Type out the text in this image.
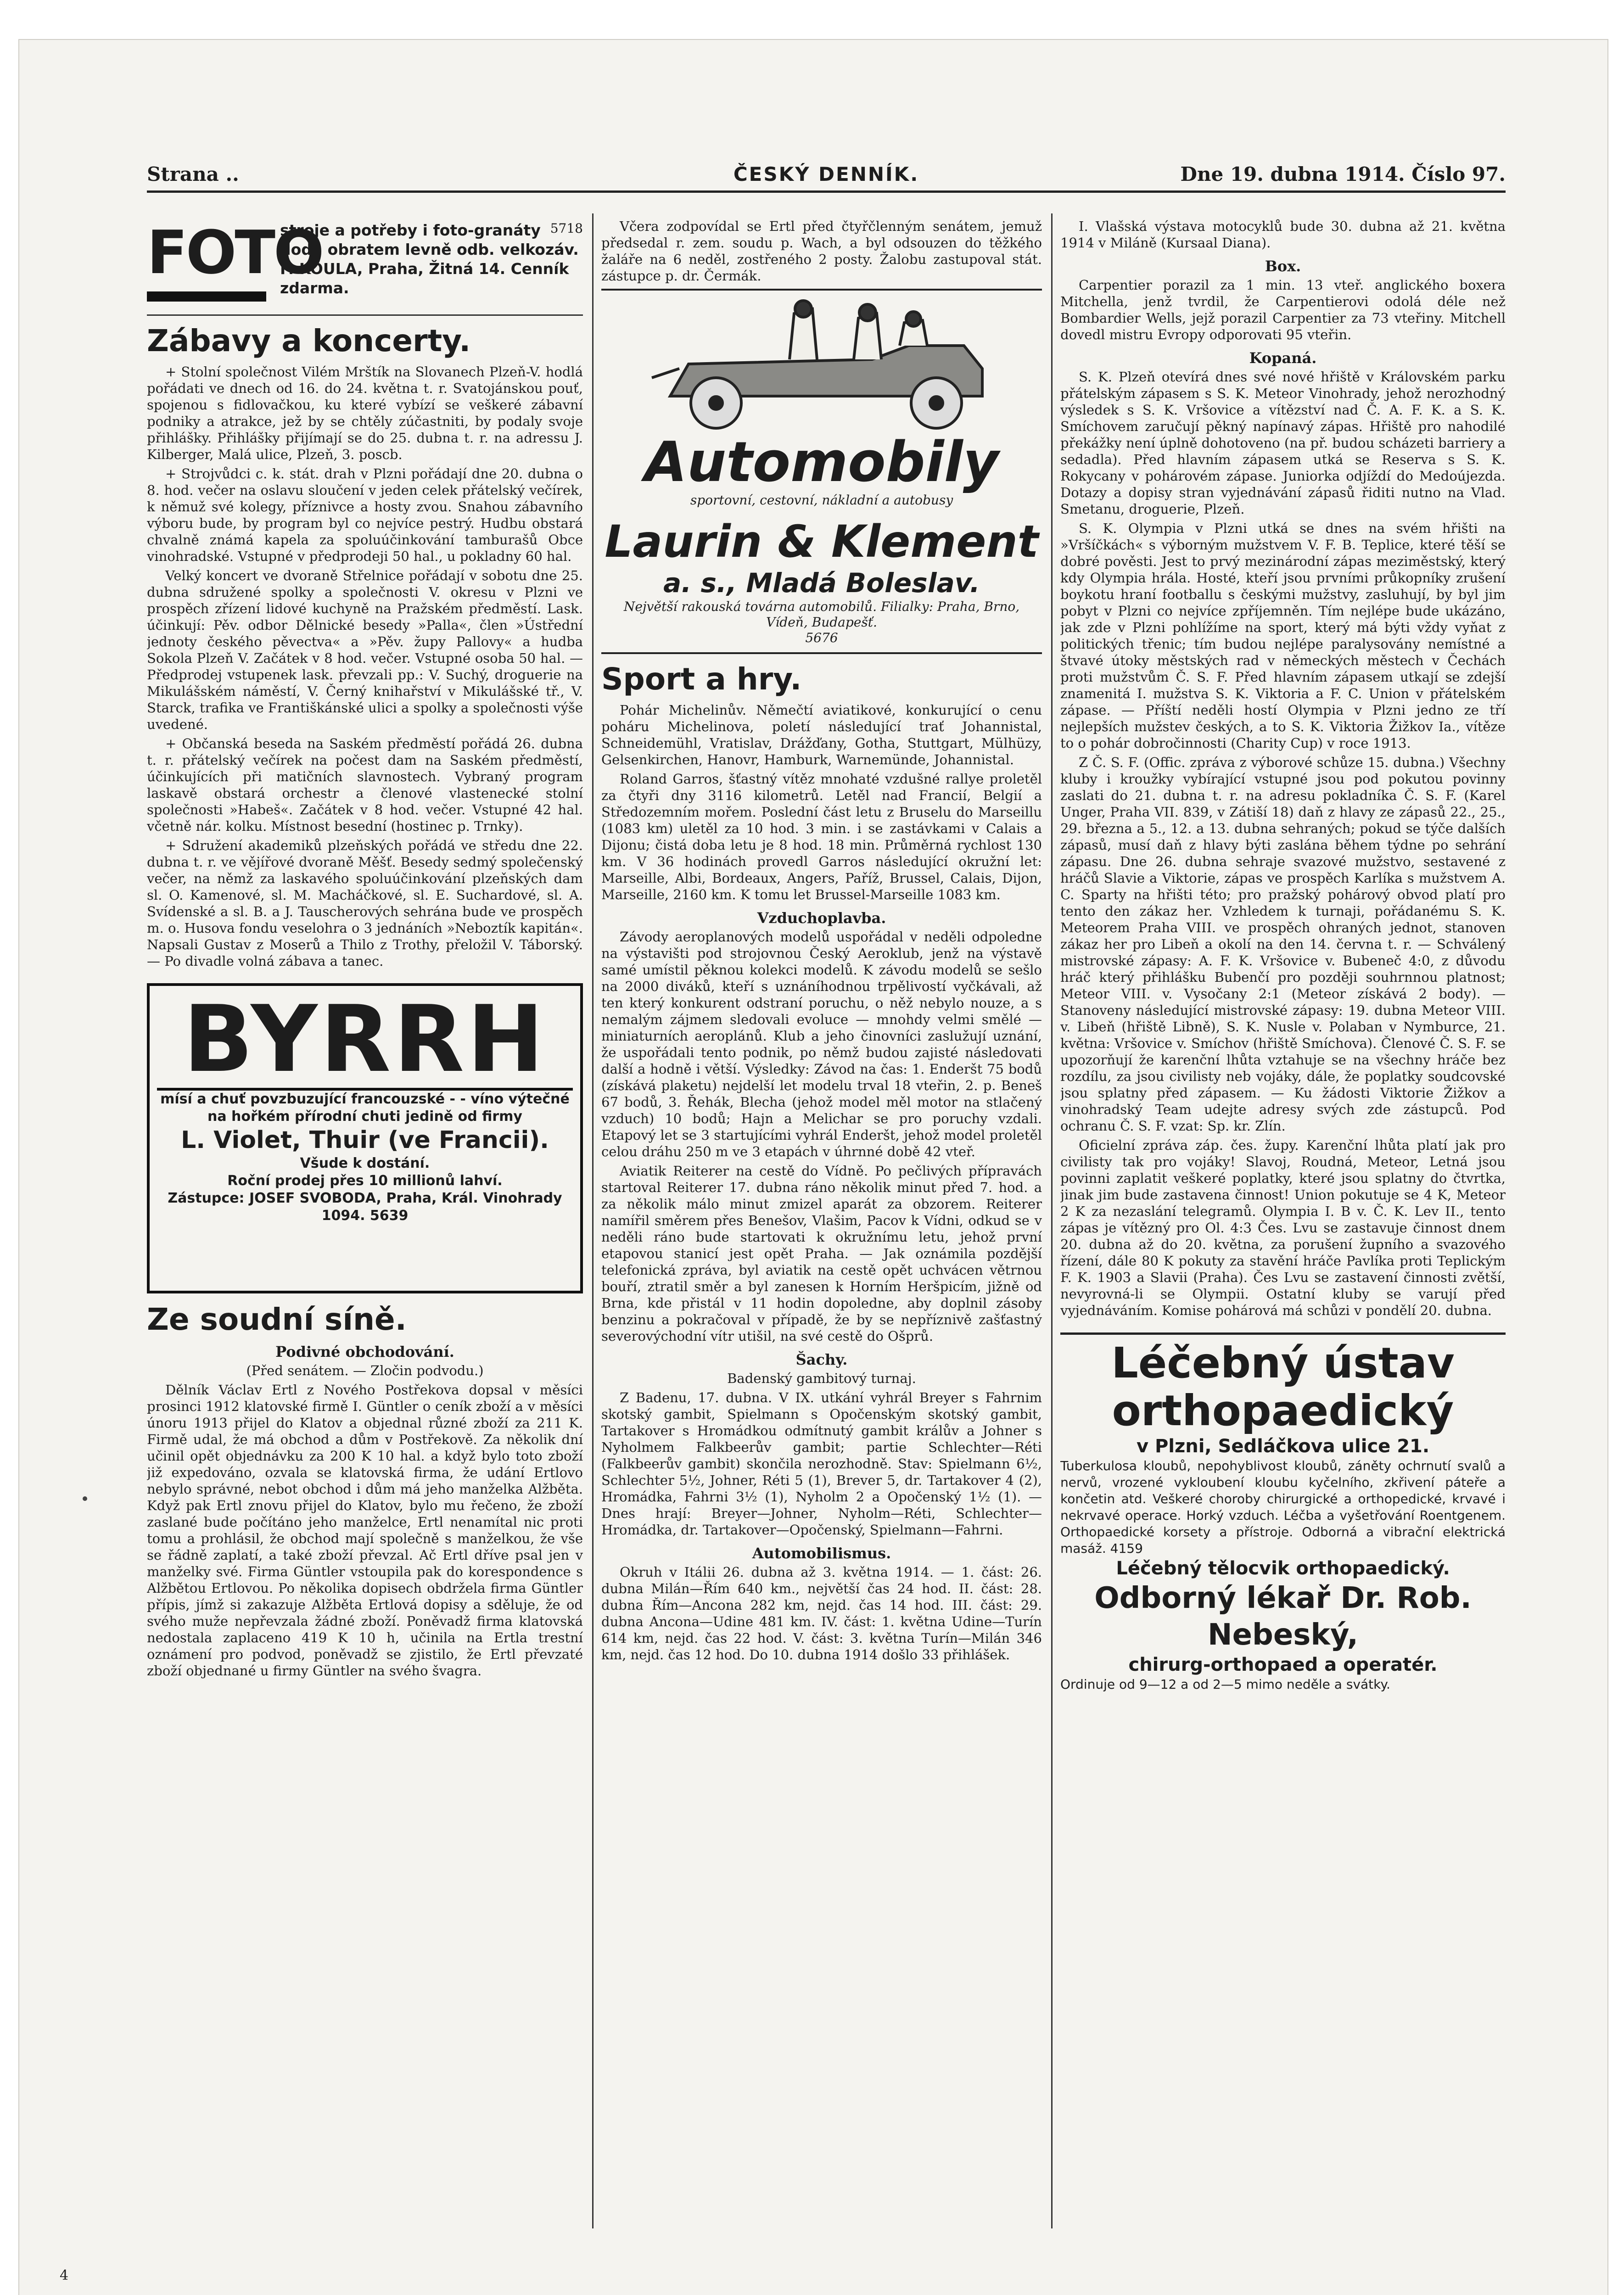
Strana ..	ČESKÝ DENNÍK.	Dne 19. dubna 1914. Číslo 97.
FOTO
stroje a potřeby i foto-granáty dodá obratem levně odb. velkozáv. F. KOULA, Praha, Žitná 14. Cenník zdarma.
5718
Zábavy a koncerty.

+ Stolní společnost Vilém Mrštík na Slovanech Plzeň-V. hodlá pořádati ve dnech od 16. do 24. května t. r. Svatojánskou pouť, spojenou s fidlovačkou, ku které vybízí se veškeré zábavní podniky a atrakce, jež by se chtěly zúčastniti, by podaly svoje přihlášky. Přihlášky přijímají se do 25. dubna t. r. na adressu J. Kilberger, Malá ulice, Plzeň, 3. poscb.

+ Strojvůdci c. k. stát. drah v Plzni pořádají dne 20. dubna o 8. hod. večer na oslavu sloučení v jeden celek přátelský večírek, k němuž své kolegy, příznivce a hosty zvou. Snahou zábavního výboru bude, by program byl co nejvíce pestrý. Hudbu obstará chvalně známá kapela za spoluúčinkování tamburašů Obce vinohradské. Vstupné v předprodeji 50 hal., u pokladny 60 hal.

Velký koncert ve dvoraně Střelnice pořádají v sobotu dne 25. dubna sdružené spolky a společnosti V. okresu v Plzni ve prospěch zřízení lidové kuchyně na Pražském předměstí. Lask. účinkují: Pěv. odbor Dělnické besedy »Palla«, člen »Ústřední jednoty českého pěvectva« a »Pěv. župy Pallovy« a hudba Sokola Plzeň V. Začátek v 8 hod. večer. Vstupné osoba 50 hal. — Předprodej vstupenek lask. převzali pp.: V. Suchý, droguerie na Mikulášském náměstí, V. Černý knihařství v Mikulášské tř., V. Starck, trafika ve Františkánské ulici a spolky a společnosti výše uvedené.

+ Občanská beseda na Saském předměstí pořádá 26. dubna t. r. přátelský večírek na počest dam na Saském předměstí, účinkujících při matičních slavnostech. Vybraný program laskavě obstará orchestr a členové vlastenecké stolní společnosti »Habeš«. Začátek v 8 hod. večer. Vstupné 42 hal. včetně nár. kolku. Místnost besední (hostinec p. Trnky).

+ Sdružení akademiků plzeňských pořádá ve středu dne 22. dubna t. r. ve vějířové dvoraně Měšť. Besedy sedmý společenský večer, na němž za laskavého spoluúčinkování plzeňských dam sl. O. Kamenové, sl. M. Macháčkové, sl. E. Suchardové, sl. A. Svídenské a sl. B. a J. Tauscherových sehrána bude ve prospěch m. o. Husova fondu veselohra o 3 jednáních »Neboztík kapitán«. Napsali Gustav z Moserů a Thilo z Trothy, přeložil V. Táborský. — Po divadle volná zábava a tanec.

BYRRH
mísí a chuť povzbuzující francouzské - - víno výtečné na hořkém přírodní chuti jedině od firmy
L. Violet, Thuir (ve Francii).
Všude k dostání.
Roční prodej přes 10 millionů lahví.
Zástupce: JOSEF SVOBODA, Praha, Král. Vinohrady 1094. 5639
Ze soudní síně.
Podivné obchodování.

(Před senátem. — Zločin podvodu.)

Dělník Václav Ertl z Nového Postřekova dopsal v měsíci prosinci 1912 klatovské firmě I. Güntler o ceník zboží a v měsíci únoru 1913 přijel do Klatov a objednal různé zboží za 211 K. Firmě udal, že má obchod a dům v Postřekově. Za několik dní učinil opět objednávku za 200 K 10 hal. a když bylo toto zboží již expedováno, ozvala se klatovská firma, že udání Ertlovo nebylo správné, nebot obchod i dům má jeho manželka Alžběta. Když pak Ertl znovu přijel do Klatov, bylo mu řečeno, že zboží zaslané bude počítáno jeho manželce, Ertl nenamítal nic proti tomu a prohlásil, že obchod mají společně s manželkou, že vše se řádně zaplatí, a také zboží převzal. Ač Ertl dříve psal jen v manželky své. Firma Güntler vstoupila pak do korespondence s Alžbětou Ertlovou. Po několika dopisech obdržela firma Güntler přípis, jímž si zakazuje Alžběta Ertlová dopisy a sděluje, že od svého muže nepřevzala žádné zboží. Poněvadž firma klatovská nedostala zaplaceno 419 K 10 h, učinila na Ertla trestní oznámení pro podvod, poněvadž se zjistilo, že Ertl převzaté zboží objednané u firmy Güntler na svého švagra.

Včera zodpovídal se Ertl před čtyřčlenným senátem, jemuž předsedal r. zem. soudu p. Wach, a byl odsouzen do těžkého žaláře na 6 neděl, zostřeného 2 posty. Žalobu zastupoval stát. zástupce p. dr. Čermák.

Automobily
sportovní, cestovní, nákladní a autobusy
Laurin & Klement
a. s., Mladá Boleslav.
Největší rakouská továrna automobilů. Filialky: Praha, Brno, Vídeň, Budapešť.
5676
Sport a hry.

Pohár Michelinův. Němečtí aviatikové, konkurující o cenu poháru Michelinova, poletí následující trať Johannistal, Schneidemühl, Vratislav, Drážďany, Gotha, Stuttgart, Mülhüzy, Gelsenkirchen, Hanovr, Hamburk, Warnemünde, Johannistal.

Roland Garros, šťastný vítěz mnohaté vzdušné rallye proletěl za čtyři dny 3116 kilometrů. Letěl nad Francií, Belgií a Středozemním mořem. Poslední část letu z Bruselu do Marseillu (1083 km) uletěl za 10 hod. 3 min. i se zastávkami v Calais a Dijonu; čistá doba letu je 8 hod. 18 min. Průměrná rychlost 130 km. V 36 hodinách provedl Garros následující okružní let: Marseille, Albi, Bordeaux, Angers, Paříž, Brussel, Calais, Dijon, Marseille, 2160 km. K tomu let Brussel-Marseille 1083 km.

Vzduchoplavba.

Závody aeroplanových modelů uspořádal v neděli odpoledne na výstavišti pod strojovnou Český Aeroklub, jenž na výstavě samé umístil pěknou kolekci modelů. K závodu modelů se sešlo na 2000 diváků, kteří s uznáníhodnou trpělivostí vyčkávali, až ten který konkurent odstraní poruchu, o něž nebylo nouze, a s nemalým zájmem sledovali evoluce — mnohdy velmi smělé — miniaturních aeroplánů. Klub a jeho činovníci zaslužují uznání, že uspořádali tento podnik, po němž budou zajisté následovati další a hodně i větší. Výsledky: Závod na čas: 1. Enderšt 75 bodů (získává plaketu) nejdelší let modelu trval 18 vteřin, 2. p. Beneš 67 bodů, 3. Řehák, Blecha (jehož model měl motor na stlačený vzduch) 10 bodů; Hajn a Melichar se pro poruchy vzdali. Etapový let se 3 startujícími vyhrál Enderšt, jehož model proletěl celou dráhu 250 m ve 3 etapách v úhrnné době 42 vteř.

Aviatik Reiterer na cestě do Vídně. Po pečlivých přípravách startoval Reiterer 17. dubna ráno několik minut před 7. hod. a za několik málo minut zmizel aparát za obzorem. Reiterer namířil směrem přes Benešov, Vlašim, Pacov k Vídni, odkud se v neděli ráno bude startovati k okružnímu letu, jehož první etapovou stanicí jest opět Praha. — Jak oznámila pozdější telefonická zpráva, byl aviatik na cestě opět uchvácen větrnou bouří, ztratil směr a byl zanesen k Horním Heršpicím, jižně od Brna, kde přistál v 11 hodin dopoledne, aby doplnil zásoby benzinu a pokračoval v případě, že by se nepříznivě zašťastný severovýchodní vítr utišil, na své cestě do Ošprů.

Šachy.

Badenský gambitový turnaj.

Z Badenu, 17. dubna. V IX. utkání vyhrál Breyer s Fahrnim skotský gambit, Spielmann s Opočenským skotský gambit, Tartakover s Hromádkou odmítnutý gambit králův a Johner s Nyholmem Falkbeerův gambit; partie Schlechter—Réti (Falkbeerův gambit) skončila nerozhodně. Stav: Spielmann 6½, Schlechter 5½, Johner, Réti 5 (1), Brever 5, dr. Tartakover 4 (2), Hromádka, Fahrni 3½ (1), Nyholm 2 a Opočenský 1½ (1). — Dnes hrají: Breyer—Johner, Nyholm—Réti, Schlechter—Hromádka, dr. Tartakover—Opočenský, Spielmann—Fahrni.

Automobilismus.

Okruh v Itálii 26. dubna až 3. května 1914. — 1. část: 26. dubna Milán—Řím 640 km., největší čas 24 hod. II. část: 28. dubna Řím—Ancona 282 km, nejd. čas 14 hod. III. část: 29. dubna Ancona—Udine 481 km. IV. část: 1. května Udine—Turín 614 km, nejd. čas 22 hod. V. část: 3. května Turín—Milán 346 km, nejd. čas 12 hod. Do 10. dubna 1914 došlo 33 přihlášek.

I. Vlašská výstava motocyklů bude 30. dubna až 21. května 1914 v Miláně (Kursaal Diana).

Box.

Carpentier porazil za 1 min. 13 vteř. anglického boxera Mitchella, jenž tvrdil, že Carpentierovi odolá déle než Bombardier Wells, jejž porazil Carpentier za 73 vteřiny. Mitchell dovedl mistru Evropy odporovati 95 vteřin.

Kopaná.

S. K. Plzeň otevírá dnes své nové hřiště v Královském parku přátelským zápasem s S. K. Meteor Vinohrady, jehož nerozhodný výsledek s S. K. Vršovice a vítězství nad Č. A. F. K. a S. K. Smíchovem zaručují pěkný napínavý zápas. Hřiště pro nahodilé překážky není úplně dohotoveno (na př. budou scházeti barriery a sedadla). Před hlavním zápasem utká se Reserva s S. K. Rokycany v pohárovém zápase. Juniorka odjíždí do Medoújezda. Dotazy a dopisy stran vyjednávání zápasů řiditi nutno na Vlad. Smetanu, droguerie, Plzeň.

S. K. Olympia v Plzni utká se dnes na svém hřišti na »Vršíčkách« s výborným mužstvem V. F. B. Teplice, které těší se dobré pověsti. Jest to prvý mezinárodní zápas meziměstský, který kdy Olympia hrála. Hosté, kteří jsou prvními průkopníky zrušení boykotu hraní footballu s českými mužstvy, zasluhují, by byl jim pobyt v Plzni co nejvíce zpříjemněn. Tím nejlépe bude ukázáno, jak zde v Plzni pohlížíme na sport, který má býti vždy vyňat z politických třenic; tím budou nejlépe paralysovány nemístné a štvavé útoky městských rad v německých městech v Čechách proti mužstvům Č. S. F. Před hlavním zápasem utkají se zdejší znamenitá I. mužstva S. K. Viktoria a F. C. Union v přátelském zápase. — Příští neděli hostí Olympia v Plzni jedno ze tří nejlepších mužstev českých, a to S. K. Viktoria Žižkov Ia., vítěze to o pohár dobročinnosti (Charity Cup) v roce 1913.

Z Č. S. F. (Offic. zpráva z výborové schůze 15. dubna.) Všechny kluby i kroužky vybírající vstupné jsou pod pokutou povinny zaslati do 21. dubna t. r. na adresu pokladníka Č. S. F. (Karel Unger, Praha VII. 839, v Zátiší 18) daň z hlavy ze zápasů 22., 25., 29. března a 5., 12. a 13. dubna sehraných; pokud se týče dalších zápasů, musí daň z hlavy býti zaslána během týdne po sehrání zápasu. Dne 26. dubna sehraje svazové mužstvo, sestavené z hráčů Slavie a Viktorie, zápas ve prospěch Karlíka s mužstvem A. C. Sparty na hřišti této; pro pražský pohárový obvod platí pro tento den zákaz her. Vzhledem k turnaji, pořádanému S. K. Meteorem Praha VIII. ve prospěch ohraných jednot, stanoven zákaz her pro Libeň a okolí na den 14. června t. r. — Schválený mistrovské zápasy: A. F. K. Vršovice v. Bubeneč 4:0, z důvodu hráč který přihlášku Bubenčí pro později souhrnnou platnost; Meteor VIII. v. Vysočany 2:1 (Meteor získává 2 body). — Stanoveny následující mistrovské zápasy: 19. dubna Meteor VIII. v. Libeň (hřiště Libně), S. K. Nusle v. Polaban v Nymburce, 21. května: Vršovice v. Smíchov (hřiště Smíchova). Členové Č. S. F. se upozorňují že karenční lhůta vztahuje se na všechny hráče bez rozdílu, za jsou civilisty neb vojáky, dále, že poplatky soudcovské jsou splatny před zápasem. — Ku žádosti Viktorie Žižkov a vinohradský Team udejte adresy svých zde zástupců. Pod ochranu Č. S. F. vzat: Sp. kr. Zlín.

Oficielní zpráva záp. čes. župy. Karenční lhůta platí jak pro civilisty tak pro vojáky! Slavoj, Roudná, Meteor, Letná jsou povinni zaplatit veškeré poplatky, které jsou splatny do čtvrtka, jinak jim bude zastavena činnost! Union pokutuje se 4 K, Meteor 2 K za nezaslání telegramů. Olympia I. B v. Č. K. Lev II., tento zápas je vítězný pro Ol. 4:3 Čes. Lvu se zastavuje činnost dnem 20. dubna až do 20. května, za porušení župního a svazového řízení, dále 80 K pokuty za stavění hráče Pavlíka proti Teplickým F. K. 1903 a Slavii (Praha). Čes Lvu se zastavení činnosti zvětší, nevyrovná-li se Olympii. Ostatní kluby se varují před vyjednáváním. Komise pohárová má schůzi v pondělí 20. dubna.

Léčebný ústav
orthopaedický
v Plzni, Sedláčkova ulice 21.
Tuberkulosa kloubů, nepohyblivost kloubů, záněty ochrnutí svalů a nervů, vrozené vykloubení kloubu kyčelního, zkřivení páteře a končetin atd. Veškeré choroby chirurgické a orthopedické, krvavé i nekrvavé operace. Horký vzduch. Léčba a vyšetřování Roentgenem. Orthopaedické korsety a přístroje. Odborná a vibrační elektrická masáž. 4159
Léčebný tělocvik orthopaedický.
Odborný lékař Dr. Rob. Nebeský,
chirurg-orthopaed a operatér.
Ordinuje od 9—12 a od 2—5 mimo neděle a svátky.
4
